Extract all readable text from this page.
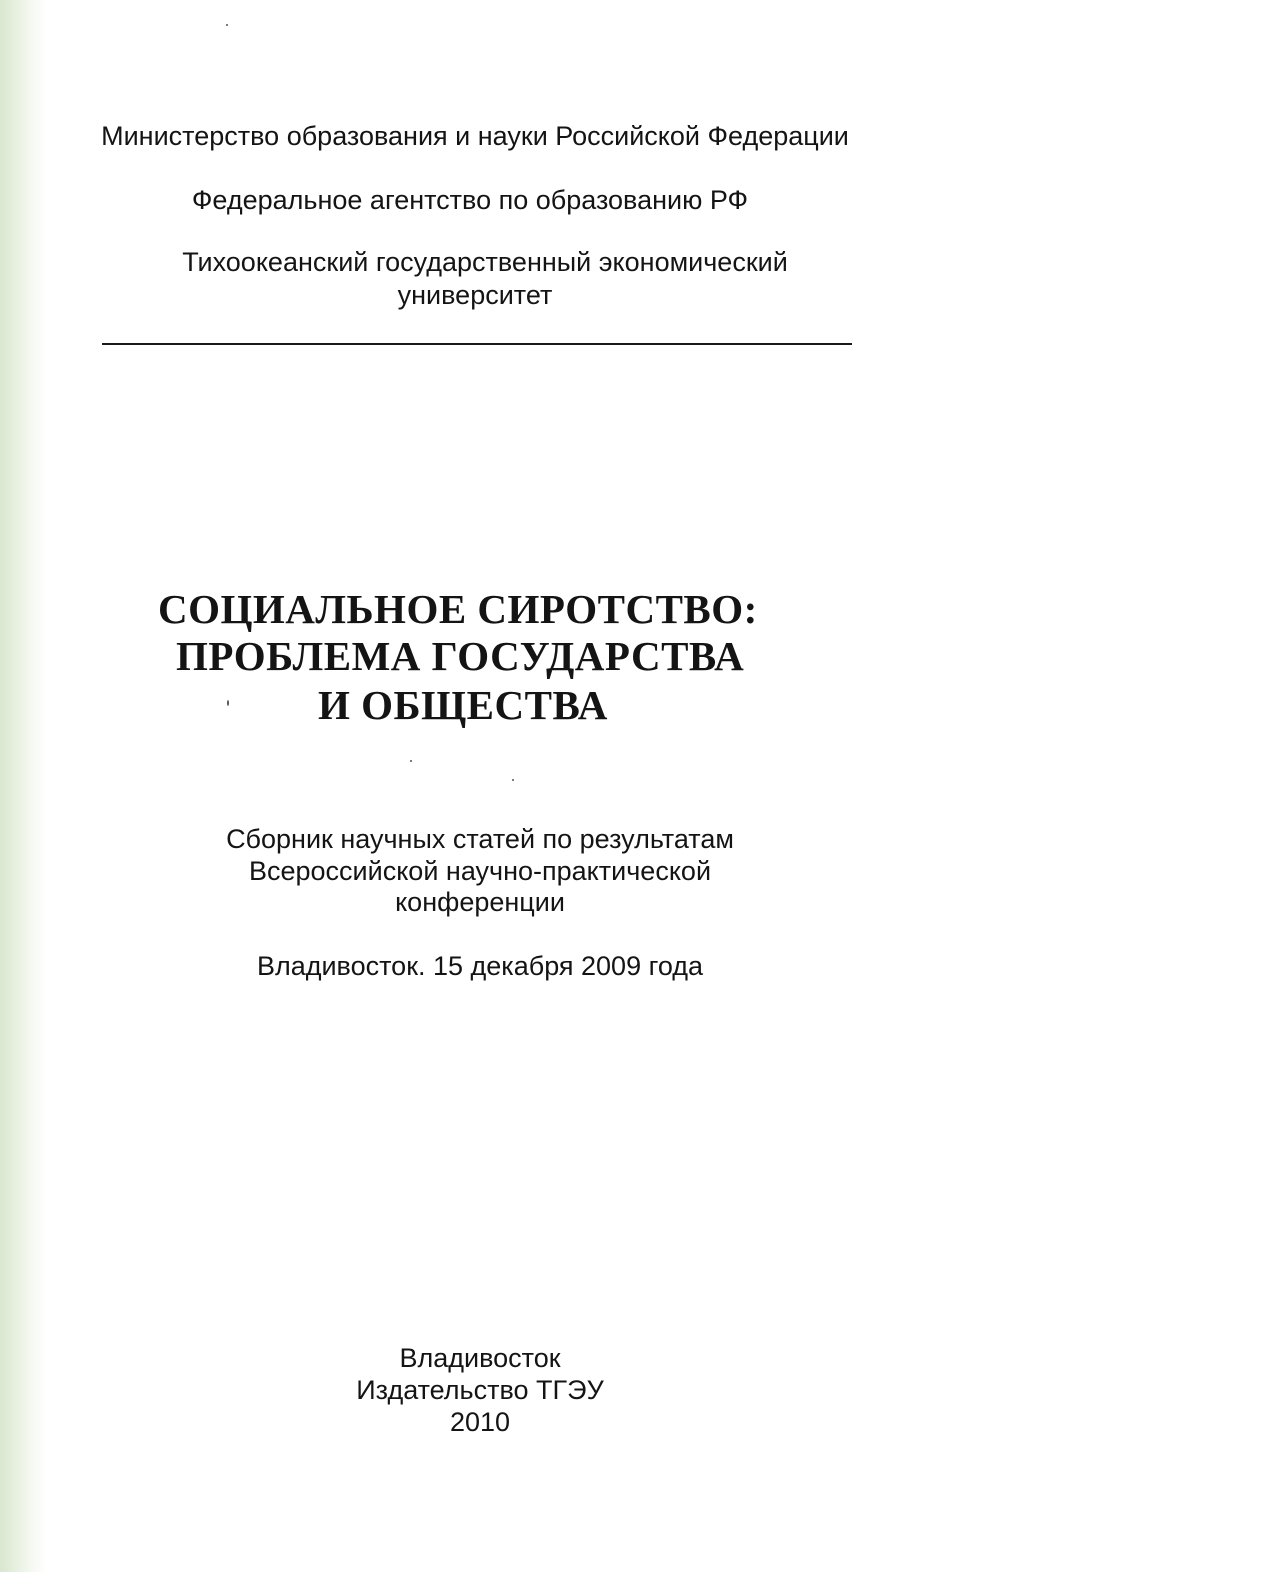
Министерство образования и науки Российской Федерации
Федеральное агентство по образованию РФ
Тихоокеанский государственный экономический
университет
СОЦИАЛЬНОЕ СИРОТСТВО:
ПРОБЛЕМА ГОСУДАРСТВА
И ОБЩЕСТВА
Сборник научных статей по результатам
Всероссийской научно-практической
конференции
Владивосток. 15 декабря 2009 года
Владивосток
Издательство ТГЭУ
2010
